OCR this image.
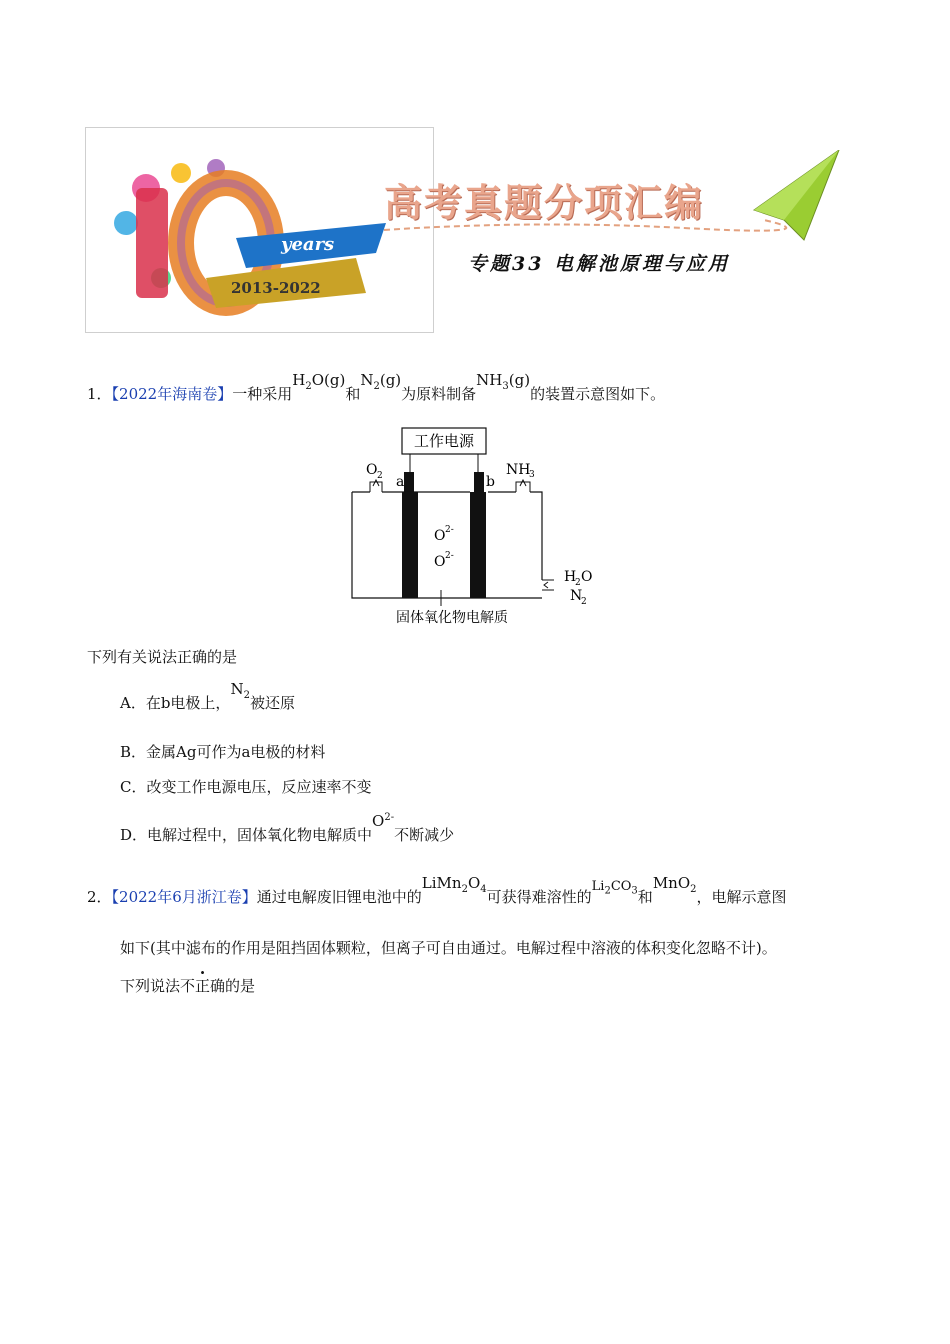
years
2013-2022
高考真题分项汇编
专题33 电解池原理与应用
1．【2022年海南卷】一种采用$H_2O(g)$和$N_2(g)$为原料制备$NH_3(g)$的装置示意图如下。
工作电源
O 2 a	b
NH
3
O 2-
O 2-
H
2 O
N
2
固体氧化物电解质
下列有关说法正确的是
A．在b电极上，$N_2$被还原
B．金属Ag可作为a电极的材料
C．改变工作电源电压，反应速率不变
D．电解过程中，固体氧化物电解质中$O^{2-}$不断减少
2．【2022年6月浙江卷】通过电解废旧锂电池中的$LiMn_2O_4$可获得难溶性的$Li_2CO_3$和MnO$_2$，电解示意图
如下(其中滤布的作用是阻挡固体颗粒，但离子可自由通过。电解过程中溶液的体积变化忽略不计)。
下列说法不正确的是
